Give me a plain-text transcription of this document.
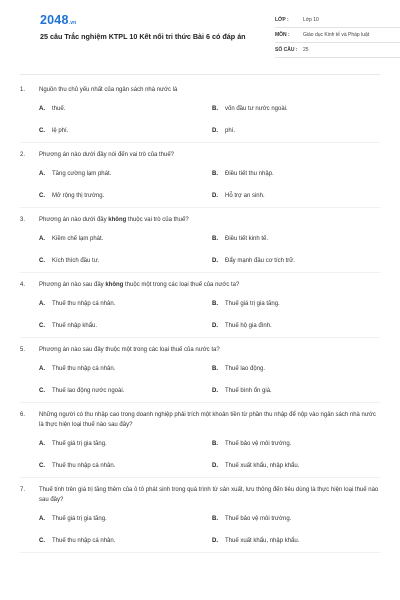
2048.vn
25 câu Trắc nghiệm KTPL 10 Kết nối tri thức Bài 6 có đáp án
LỚP :	Lớp 10
MÔN :	Giáo dục Kinh tế và Pháp luật
SỐ CÂU :	25
1.	Nguồn thu chủ yếu nhất của ngân sách nhà nước là
A.	thuế.	B.	vốn đầu tư nước ngoài.
C.	lệ phí.	D.	phí.
2.	Phương án nào dưới đây nói đến vai trò của thuế?
A.	Tăng cường lạm phát.	B.	Điều tiết thu nhập.
C.	Mở rộng thị trường.	D.	Hỗ trợ an sinh.
3.	Phương án nào dưới đây không thuộc vai trò của thuế?
A.	Kiềm chế lạm phát.	B.	Điều tiết kinh tế.
C.	Kích thích đầu tư.	D.	Đẩy mạnh đầu cơ tích trữ.
4.	Phương án nào sau đây không thuộc một trong các loại thuế của nước ta?
A.	Thuế thu nhập cá nhân.	B.	Thuế giá trị gia tăng.
C.	Thuế nhập khẩu.	D.	Thuế hộ gia đình.
5.	Phương án nào sau đây thuộc một trong các loại thuế của nước ta?
A.	Thuế thu nhập cá nhân.	B.	Thuế lao động.
C.	Thuế lao động nước ngoài.	D.	Thuế bình ổn giá.
6.	Những người có thu nhập cao trong doanh nghiệp phải trích một khoản tiền từ phần thu nhập để nộp vào ngân sách nhà nước là thực hiện loại thuế nào sau đây?
A.	Thuế giá trị gia tăng.	B.	Thuế bảo vệ môi trường.
C.	Thuế thu nhập cá nhân.	D.	Thuế xuất khẩu, nhập khẩu.
7.	Thuế tính trên giá trị tăng thêm của ô tô phát sinh trong quá trình từ sản xuất, lưu thông đến tiêu dùng là thực hiện loại thuế nào sau đây?
A.	Thuế giá trị gia tăng.	B.	Thuế bảo vệ môi trường.
C.	Thuế thu nhập cá nhân.	D.	Thuế xuất khẩu, nhập khẩu.
